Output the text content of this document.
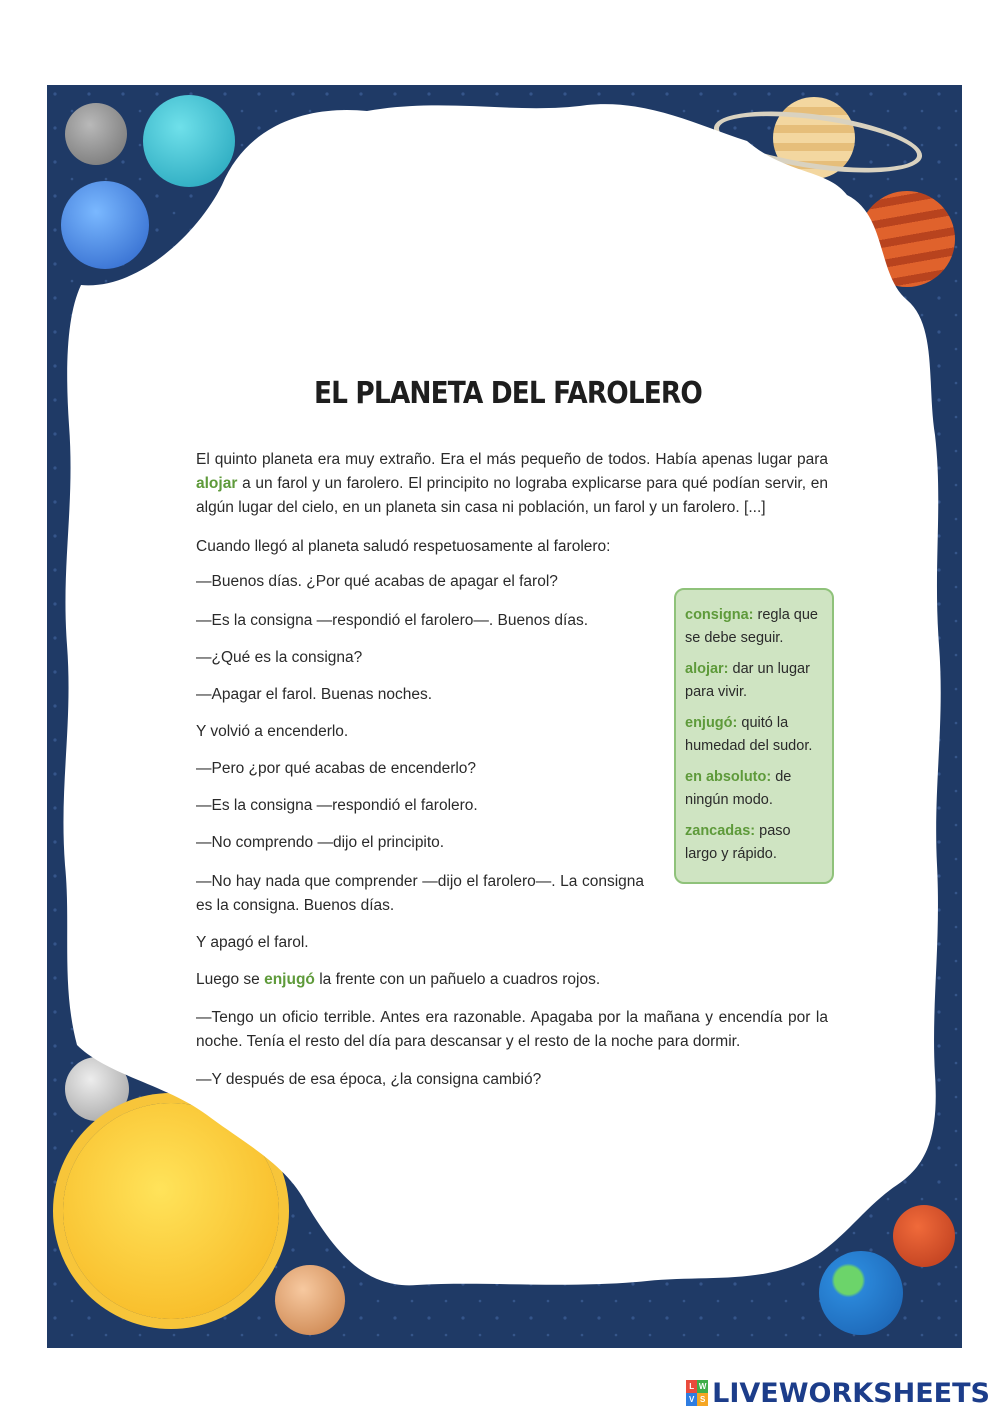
EL PLANETA DEL FAROLERO

El quinto planeta era muy extraño. Era el más pequeño de todos. Había apenas lugar para alojar a un farol y un farolero. El principito no lograba explicarse para qué podían servir, en algún lugar del cielo, en un planeta sin casa ni población, un farol y un farolero. [...]

Cuando llegó al planeta saludó respetuosamente al farolero:

—Buenos días. ¿Por qué acabas de apagar el farol?

—Es la consigna —respondió el farolero—. Buenos días.

—¿Qué es la consigna?

—Apagar el farol. Buenas noches.

Y volvió a encenderlo.

—Pero ¿por qué acabas de encenderlo?

—Es la consigna —respondió el farolero.

—No comprendo —dijo el principito.

—No hay nada que comprender —dijo el farolero—. La consigna es la consigna. Buenos días.

Y apagó el farol.

Luego se enjugó la frente con un pañuelo a cuadros rojos.

—Tengo un oficio terrible. Antes era razonable. Apagaba por la mañana y encendía por la noche. Tenía el resto del día para descansar y el resto de la noche para dormir.

—Y después de esa época, ¿la consigna cambió?

consigna: regla que se debe seguir.

alojar: dar un lugar para vivir.

enjugó: quitó la humedad del sudor.

en absoluto: de ningún modo.

zancadas: paso largo y rápido.

L W
V S LIVEWORKSHEETS
